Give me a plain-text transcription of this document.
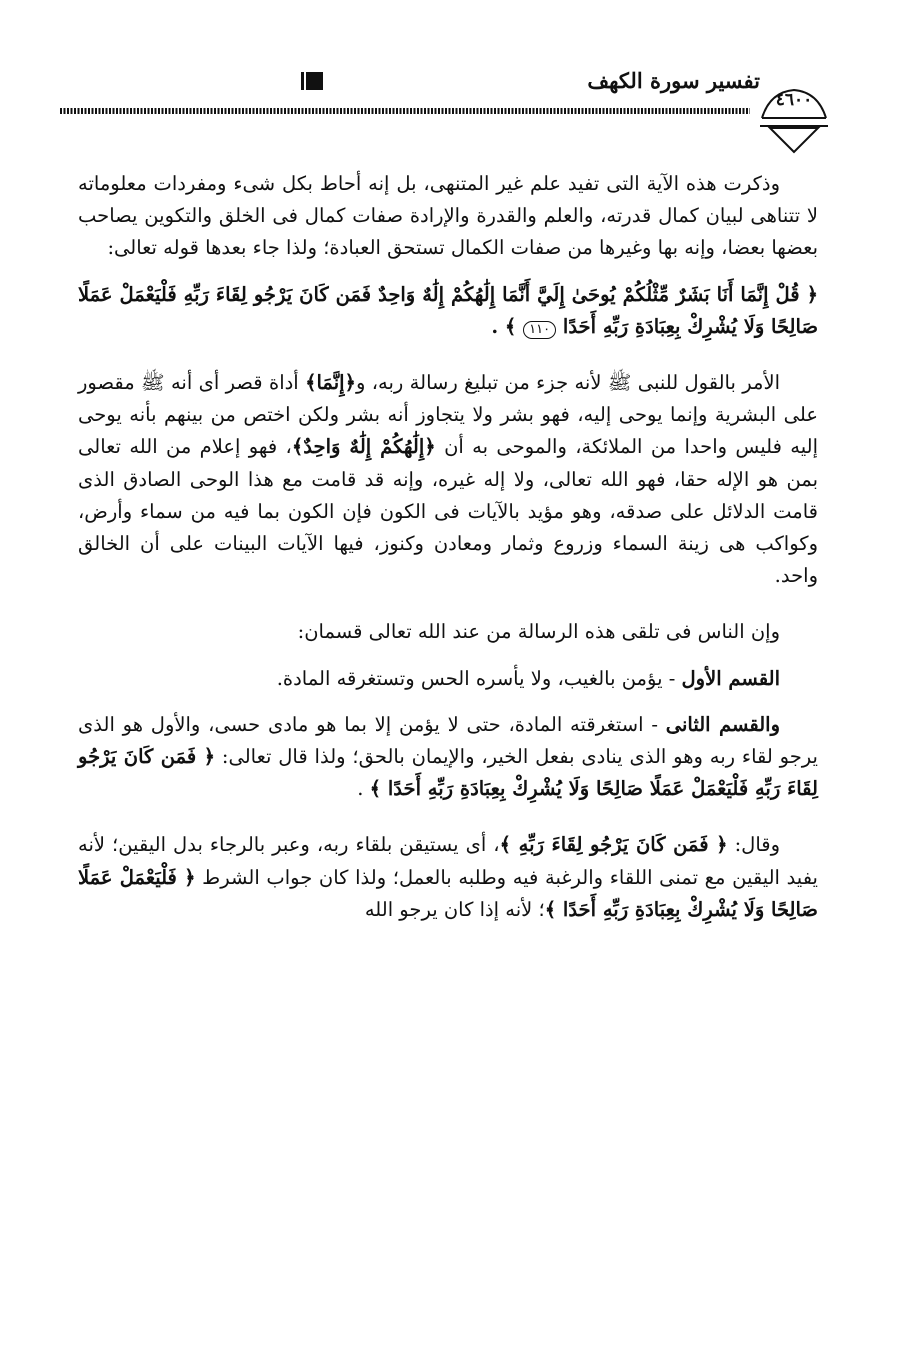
٤٦٠٠
تفسير سورة الكهف

وذكرت هذه الآية التى تفيد علم غير المتنهى، بل إنه أحاط بكل شىء ومفردات معلوماته لا تتناهى لبيان كمال قدرته، والعلم والقدرة والإرادة صفات كمال فى الخلق والتكوين يصاحب بعضها بعضا، وإنه بها وغيرها من صفات الكمال تستحق العبادة؛ ولذا جاء بعدها قوله تعالى:

﴿ قُلْ إِنَّمَا أَنَا بَشَرٌ مِّثْلُكُمْ يُوحَىٰ إِلَيَّ أَنَّمَا إِلَٰهُكُمْ إِلَٰهٌ وَاحِدٌ فَمَن كَانَ يَرْجُو لِقَاءَ رَبِّهِ فَلْيَعْمَلْ عَمَلًا صَالِحًا وَلَا يُشْرِكْ بِعِبَادَةِ رَبِّهِ أَحَدًا ١١٠ ﴾ .

الأمر بالقول للنبى ﷺ لأنه جزء من تبليغ رسالة ربه، و﴿إِنَّمَا﴾ أداة قصر أى أنه ﷺ مقصور على البشرية وإنما يوحى إليه، فهو بشر ولا يتجاوز أنه بشر ولكن اختص من بينهم بأنه يوحى إليه فليس واحدا من الملائكة، والموحى به أن ﴿إِلَٰهُكُمْ إِلَٰهٌ وَاحِدٌ﴾، فهو إعلام من الله تعالى بمن هو الإله حقا، فهو الله تعالى، ولا إله غيره، وإنه قد قامت مع هذا الوحى الصادق الذى قامت الدلائل على صدقه، وهو مؤيد بالآيات فى الكون فإن الكون بما فيه من سماء وأرض، وكواكب هى زينة السماء وزروع وثمار ومعادن وكنوز، فيها الآيات البينات على أن الخالق واحد.

وإن الناس فى تلقى هذه الرسالة من عند الله تعالى قسمان:

القسم الأول - يؤمن بالغيب، ولا يأسره الحس وتستغرقه المادة.

والقسم الثانى - استغرقته المادة، حتى لا يؤمن إلا بما هو مادى حسى، والأول هو الذى يرجو لقاء ربه وهو الذى ينادى بفعل الخير، والإيمان بالحق؛ ولذا قال تعالى: ﴿ فَمَن كَانَ يَرْجُو لِقَاءَ رَبِّهِ فَلْيَعْمَلْ عَمَلًا صَالِحًا وَلَا يُشْرِكْ بِعِبَادَةِ رَبِّهِ أَحَدًا ﴾ .

وقال: ﴿ فَمَن كَانَ يَرْجُو لِقَاءَ رَبِّهِ ﴾، أى يستيقن بلقاء ربه، وعبر بالرجاء بدل اليقين؛ لأنه يفيد اليقين مع تمنى اللقاء والرغبة فيه وطلبه بالعمل؛ ولذا كان جواب الشرط ﴿ فَلْيَعْمَلْ عَمَلًا صَالِحًا وَلَا يُشْرِكْ بِعِبَادَةِ رَبِّهِ أَحَدًا ﴾؛ لأنه إذا كان يرجو الله
